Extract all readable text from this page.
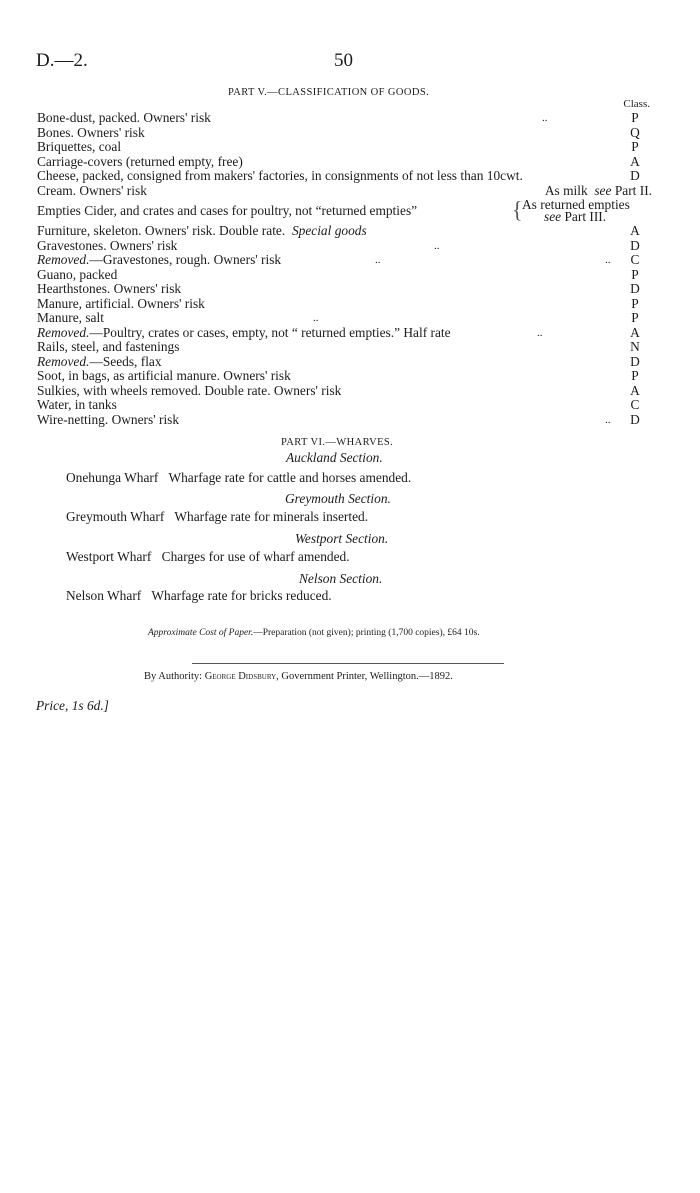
D.—2.	50
PART V.—CLASSIFICATION OF GOODS.
Class.
Bone-dust, packed. Owners' risk	..	P
Bones. Owners' risk	Q
Briquettes, coal	P
Carriage-covers (returned empty, free)	A
Cheese, packed, consigned from makers' factories, in consignments of not less than 10cwt.	D
Cream. Owners' risk	As milk see Part II.
Empties Cider, and crates and cases for poultry, not “returned empties”	{ As returned empties
see Part III.
Furniture, skeleton. Owners' risk. Double rate. Special goods	A
Gravestones. Owners' risk	..	D
Removed.—Gravestones, rough. Owners' risk	..	.. C
Guano, packed	P
Hearthstones. Owners' risk	D
Manure, artificial. Owners' risk	P
Manure, salt	..	P
Removed.—Poultry, crates or cases, empty, not “ returned empties.” Half rate	..	A
Rails, steel, and fastenings	N
Removed.—Seeds, flax	D
Soot, in bags, as artificial manure. Owners' risk	P
Sulkies, with wheels removed. Double rate. Owners' risk	A
Water, in tanks	C
Wire-netting. Owners' risk	.. D
PART VI.—WHARVES.
Auckland Section.
Onehunga Wharf Wharfage rate for cattle and horses amended.
Greymouth Section.
Greymouth Wharf Wharfage rate for minerals inserted.
Westport Section.
Westport Wharf Charges for use of wharf amended.
Nelson Section.
Nelson Wharf Wharfage rate for bricks reduced.
Approximate Cost of Paper.—Preparation (not given); printing (1,700 copies), £64 10s.
By Authority: George Didsbury, Government Printer, Wellington.—1892.
Price, 1s 6d.]
